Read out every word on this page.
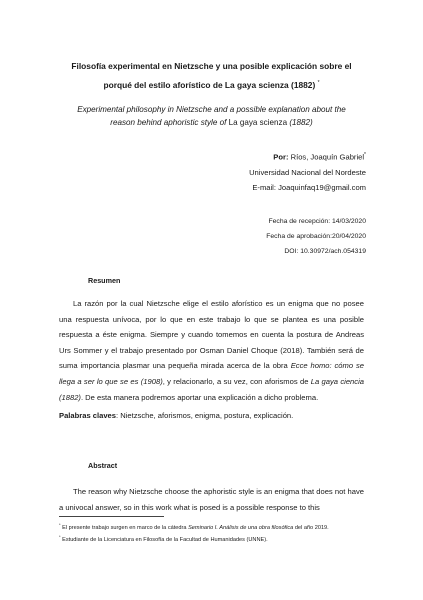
Filosofía experimental en Nietzsche y una posible explicación sobre el
porqué del estilo aforístico de La gaya scienza (1882) *
Experimental philosophy in Nietzsche and a possible explanation about the
reason behind aphoristic style of La gaya scienza (1882)
Por: Ríos, Joaquín Gabriel*
Universidad Nacional del Nordeste
E-mail: Joaquinfaq19@gmail.com
Fecha de recepción: 14/03/2020
Fecha de aprobación:20/04/2020
DOI: 10.30972/ach.054319
Resumen
La razón por la cual Nietzsche elige el estilo aforístico es un enigma que no posee una respuesta unívoca, por lo que en este trabajo lo que se plantea es una posible respuesta a éste enigma. Siempre y cuando tomemos en cuenta la postura de Andreas Urs Sommer y el trabajo presentado por Osman Daniel Choque (2018). También será de suma importancia plasmar una pequeña mirada acerca de la obra Ecce homo: cómo se llega a ser lo que se es (1908), y relacionarlo, a su vez, con aforismos de La gaya ciencia (1882). De esta manera podremos aportar una explicación a dicho problema.
Palabras claves: Nietzsche, aforismos, enigma, postura, explicación.
Abstract
The reason why Nietzsche choose the aphoristic style is an enigma that does not have a univocal answer, so in this work what is posed is a possible response to this

* El presente trabajo surgen en marco de la cátedra Seminario I. Análisis de una obra filosófica del año 2019.

* Estudiante de la Licenciatura en Filosofía de la Facultad de Humanidades (UNNE).
